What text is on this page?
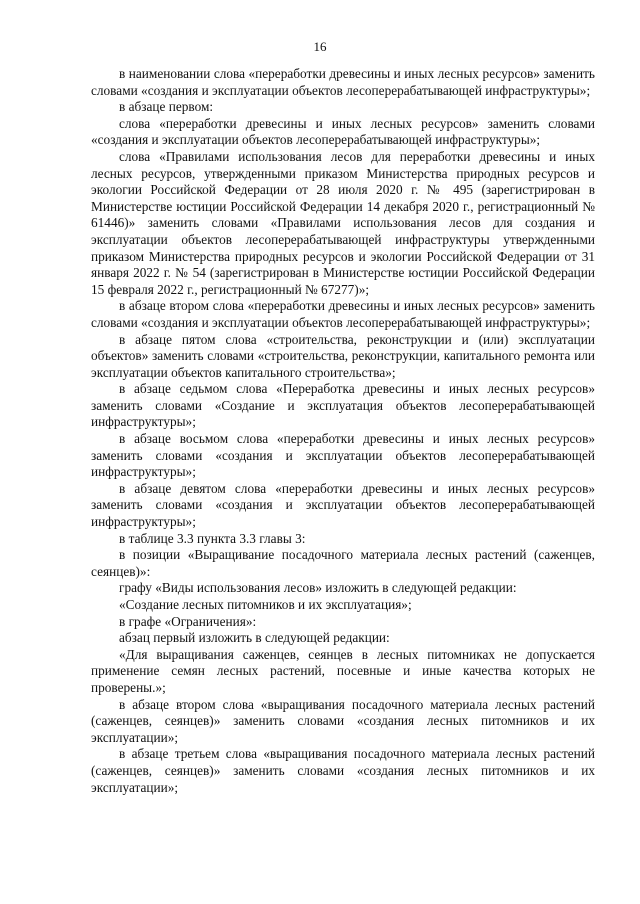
16

в наименовании слова «переработки древесины и иных лесных ресурсов» заменить словами «создания и эксплуатации объектов лесоперерабатывающей инфраструктуры»;

в абзаце первом:

слова «переработки древесины и иных лесных ресурсов» заменить словами «создания и эксплуатации объектов лесоперерабатывающей инфраструктуры»;

слова «Правилами использования лесов для переработки древесины и иных лесных ресурсов, утвержденными приказом Министерства природных ресурсов и экологии Российской Федерации от 28 июля 2020 г. № 495 (зарегистрирован в Министерстве юстиции Российской Федерации 14 декабря 2020 г., регистрационный № 61446)» заменить словами «Правилами использования лесов для создания и эксплуатации объектов лесоперерабатывающей инфраструктуры утвержденными приказом Министерства природных ресурсов и экологии Российской Федерации от 31 января 2022 г. № 54 (зарегистрирован в Министерстве юстиции Российской Федерации 15 февраля 2022 г., регистрационный № 67277)»;

в абзаце втором слова «переработки древесины и иных лесных ресурсов» заменить словами «создания и эксплуатации объектов лесоперерабатывающей инфраструктуры»;

в абзаце пятом слова «строительства, реконструкции и (или) эксплуатации объектов» заменить словами «строительства, реконструкции, капитального ремонта или эксплуатации объектов капитального строительства»;

в абзаце седьмом слова «Переработка древесины и иных лесных ресурсов» заменить словами «Создание и эксплуатация объектов лесоперерабатывающей инфраструктуры»;

в абзаце восьмом слова «переработки древесины и иных лесных ресурсов» заменить словами «создания и эксплуатации объектов лесоперерабатывающей инфраструктуры»;

в абзаце девятом слова «переработки древесины и иных лесных ресурсов» заменить словами «создания и эксплуатации объектов лесоперерабатывающей инфраструктуры»;

в таблице 3.3 пункта 3.3 главы 3:

в позиции «Выращивание посадочного материала лесных растений (саженцев, сеянцев)»:

графу «Виды использования лесов» изложить в следующей редакции:

«Создание лесных питомников и их эксплуатация»;

в графе «Ограничения»:

абзац первый изложить в следующей редакции:

«Для выращивания саженцев, сеянцев в лесных питомниках не допускается применение семян лесных растений, посевные и иные качества которых не проверены.»;

в абзаце втором слова «выращивания посадочного материала лесных растений (саженцев, сеянцев)» заменить словами «создания лесных питомников и их эксплуатации»;

в абзаце третьем слова «выращивания посадочного материала лесных растений (саженцев, сеянцев)» заменить словами «создания лесных питомников и их эксплуатации»;
